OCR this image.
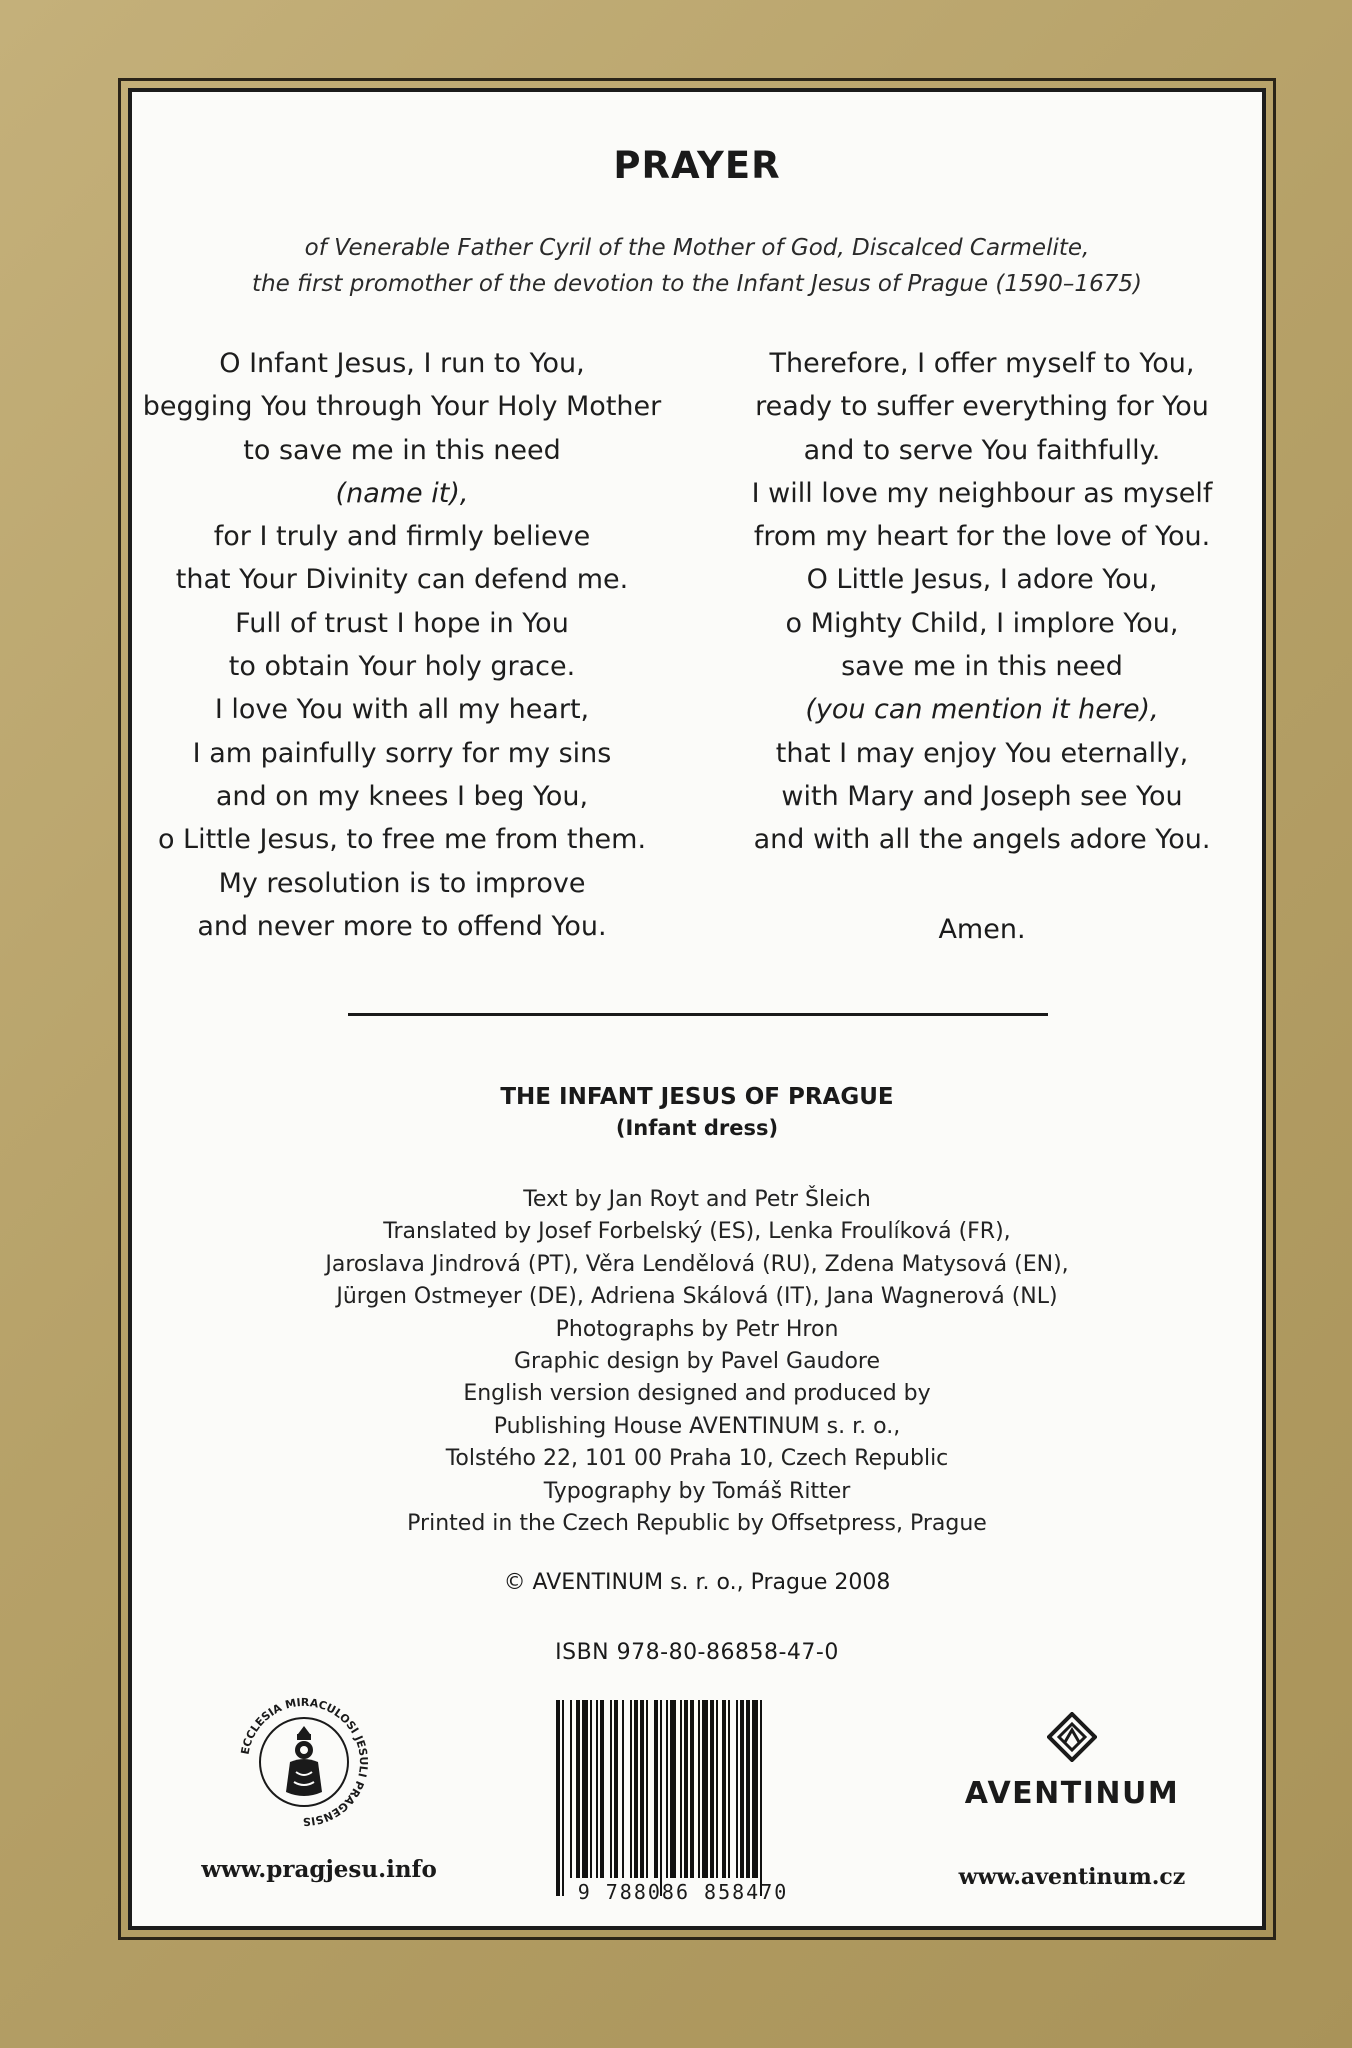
PRAYER
of Venerable Father Cyril of the Mother of God, Discalced Carmelite,
the first promother of the devotion to the Infant Jesus of Prague (1590–1675)
O Infant Jesus, I run to You,
begging You through Your Holy Mother
to save me in this need
(name it),
for I truly and firmly believe
that Your Divinity can defend me.
Full of trust I hope in You
to obtain Your holy grace.
I love You with all my heart,
I am painfully sorry for my sins
and on my knees I beg You,
o Little Jesus, to free me from them.
My resolution is to improve
and never more to offend You.
Therefore, I offer myself to You,
ready to suffer everything for You
and to serve You faithfully.
I will love my neighbour as myself
from my heart for the love of You.
O Little Jesus, I adore You,
o Mighty Child, I implore You,
save me in this need
(you can mention it here),
that I may enjoy You eternally,
with Mary and Joseph see You
and with all the angels adore You.
Amen.
THE INFANT JESUS OF PRAGUE
(Infant dress)
Text by Jan Royt and Petr Šleich
Translated by Josef Forbelský (ES), Lenka Froulíková (FR),
Jaroslava Jindrová (PT), Věra Lendělová (RU), Zdena Matysová (EN),
Jürgen Ostmeyer (DE), Adriena Skálová (IT), Jana Wagnerová (NL)
Photographs by Petr Hron
Graphic design by Pavel Gaudore
English version designed and produced by
Publishing House AVENTINUM s. r. o.,
Tolstého 22, 101 00 Praha 10, Czech Republic
Typography by Tomáš Ritter
Printed in the Czech Republic by Offsetpress, Prague
© AVENTINUM s. r. o., Prague 2008
ISBN 978-80-86858-47-0
ECCLESIA MIRACULOSI JESULI PRAGENSIS
www.pragjesu.info
9 788086 858470
AVENTINUM
www.aventinum.cz
